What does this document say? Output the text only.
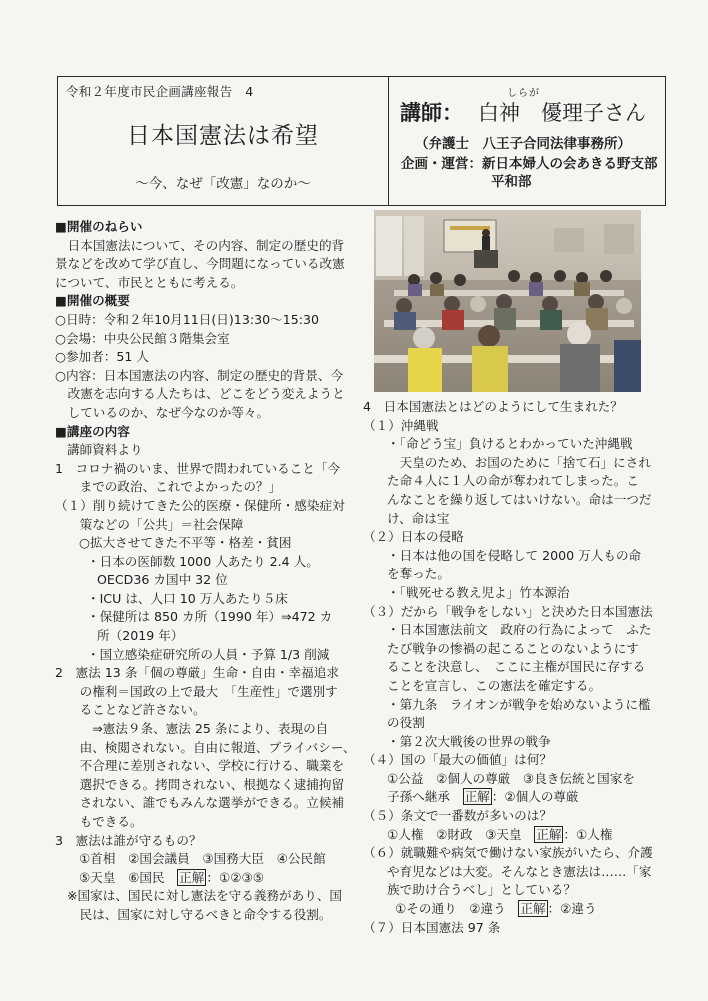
令和２年度市民企画講座報告　4
日本国憲法は希望
～今、なぜ「改憲」なのか～
しらが
講師： 白神　優理子さん
（弁護士　八王子合同法律事務所）
企画・運営：新日本婦人の会あきる野支部
平和部
■開催のねらい
　日本国憲法について、その内容、制定の歴史的背
景などを改めて学び直し、今問題になっている改憲
について、市民とともに考える。
■開催の概要
○日時：令和２年10月11日(日)13:30～15:30
○会場：中央公民館３階集会室
○参加者：51 人
○内容：日本国憲法の内容、制定の歴史的背景、今
　改憲を志向する人たちは、どこをどう変えようと
　しているのか、なぜ今なのか等々。
■講座の内容
講師資料より
1　コロナ禍のいま、世界で問われていること「今
　までの政治、これでよかったの？」
（１）削り続けてきた公的医療・保健所・感染症対
　策などの「公共」＝社会保障
○拡大させてきた不平等・格差・貧困
・日本の医師数 1000 人あたり 2.4 人。
OECD36 カ国中 32 位
・ICU は、人口 10 万人あたり５床
・保健所は 850 カ所（1990 年）⇒472 カ
所（2019 年）
・国立感染症研究所の人員・予算 1/3 削減
2　憲法 13 条「個の尊厳」生命・自由・幸福追求
　の権利＝国政の上で最大　「生産性」で選別す
　ることなど許さない。
　　⇒憲法９条、憲法 25 条により、表現の自
　由、検閲されない。自由に報道、プライバシー、
　不合理に差別されない、学校に行ける、職業を
　選択できる。拷問されない、根拠なく逮捕拘留
　されない、誰でもみんな選挙ができる。立候補
　もできる。
3　憲法は誰が守るもの？
①首相　②国会議員　③国務大臣　④公民館
⑤天皇　⑥国民　正解 ：①②③⑤
※国家は、国民に対し憲法を守る義務があり、国
　民は、国家に対し守るべきと命令する役割。
4　日本国憲法とはどのようにして生まれた？
（１）沖縄戦
・「命どう宝」負けるとわかっていた沖縄戦
　天皇のため、お国のために「捨て石」にされ
た命４人に１人の命が奪われてしまった。こ
んなことを繰り返してはいけない。命は一つだ
け、命は宝
（２）日本の侵略
・日本は他の国を侵略して 2000 万人もの命
を奪った。
・「戦死せる教え児よ」竹本源治
（３）だから「戦争をしない」と決めた日本国憲法
・日本国憲法前文　政府の行為によって　ふた
たび戦争の惨禍の起こることのないようにす
ることを決意し、　ここに主権が国民に存する
ことを宣言し、この憲法を確定する。
・第九条　ライオンが戦争を始めないように檻
の役割
・第２次大戦後の世界の戦争
（４）国の「最大の価値」は何？
①公益　②個人の尊厳　③良き伝統と国家を
子孫へ継承　正解 ：②個人の尊厳
（５）条文で一番数が多いのは？
①人権　②財政　③天皇　正解 ：①人権
（６）就職難や病気で働けない家族がいたら、介護
や育児などは大変。そんなとき憲法は……「家
族で助け合うべし」としている？
①その通り　②違う　正解 ：②違う
（７）日本国憲法 97 条
